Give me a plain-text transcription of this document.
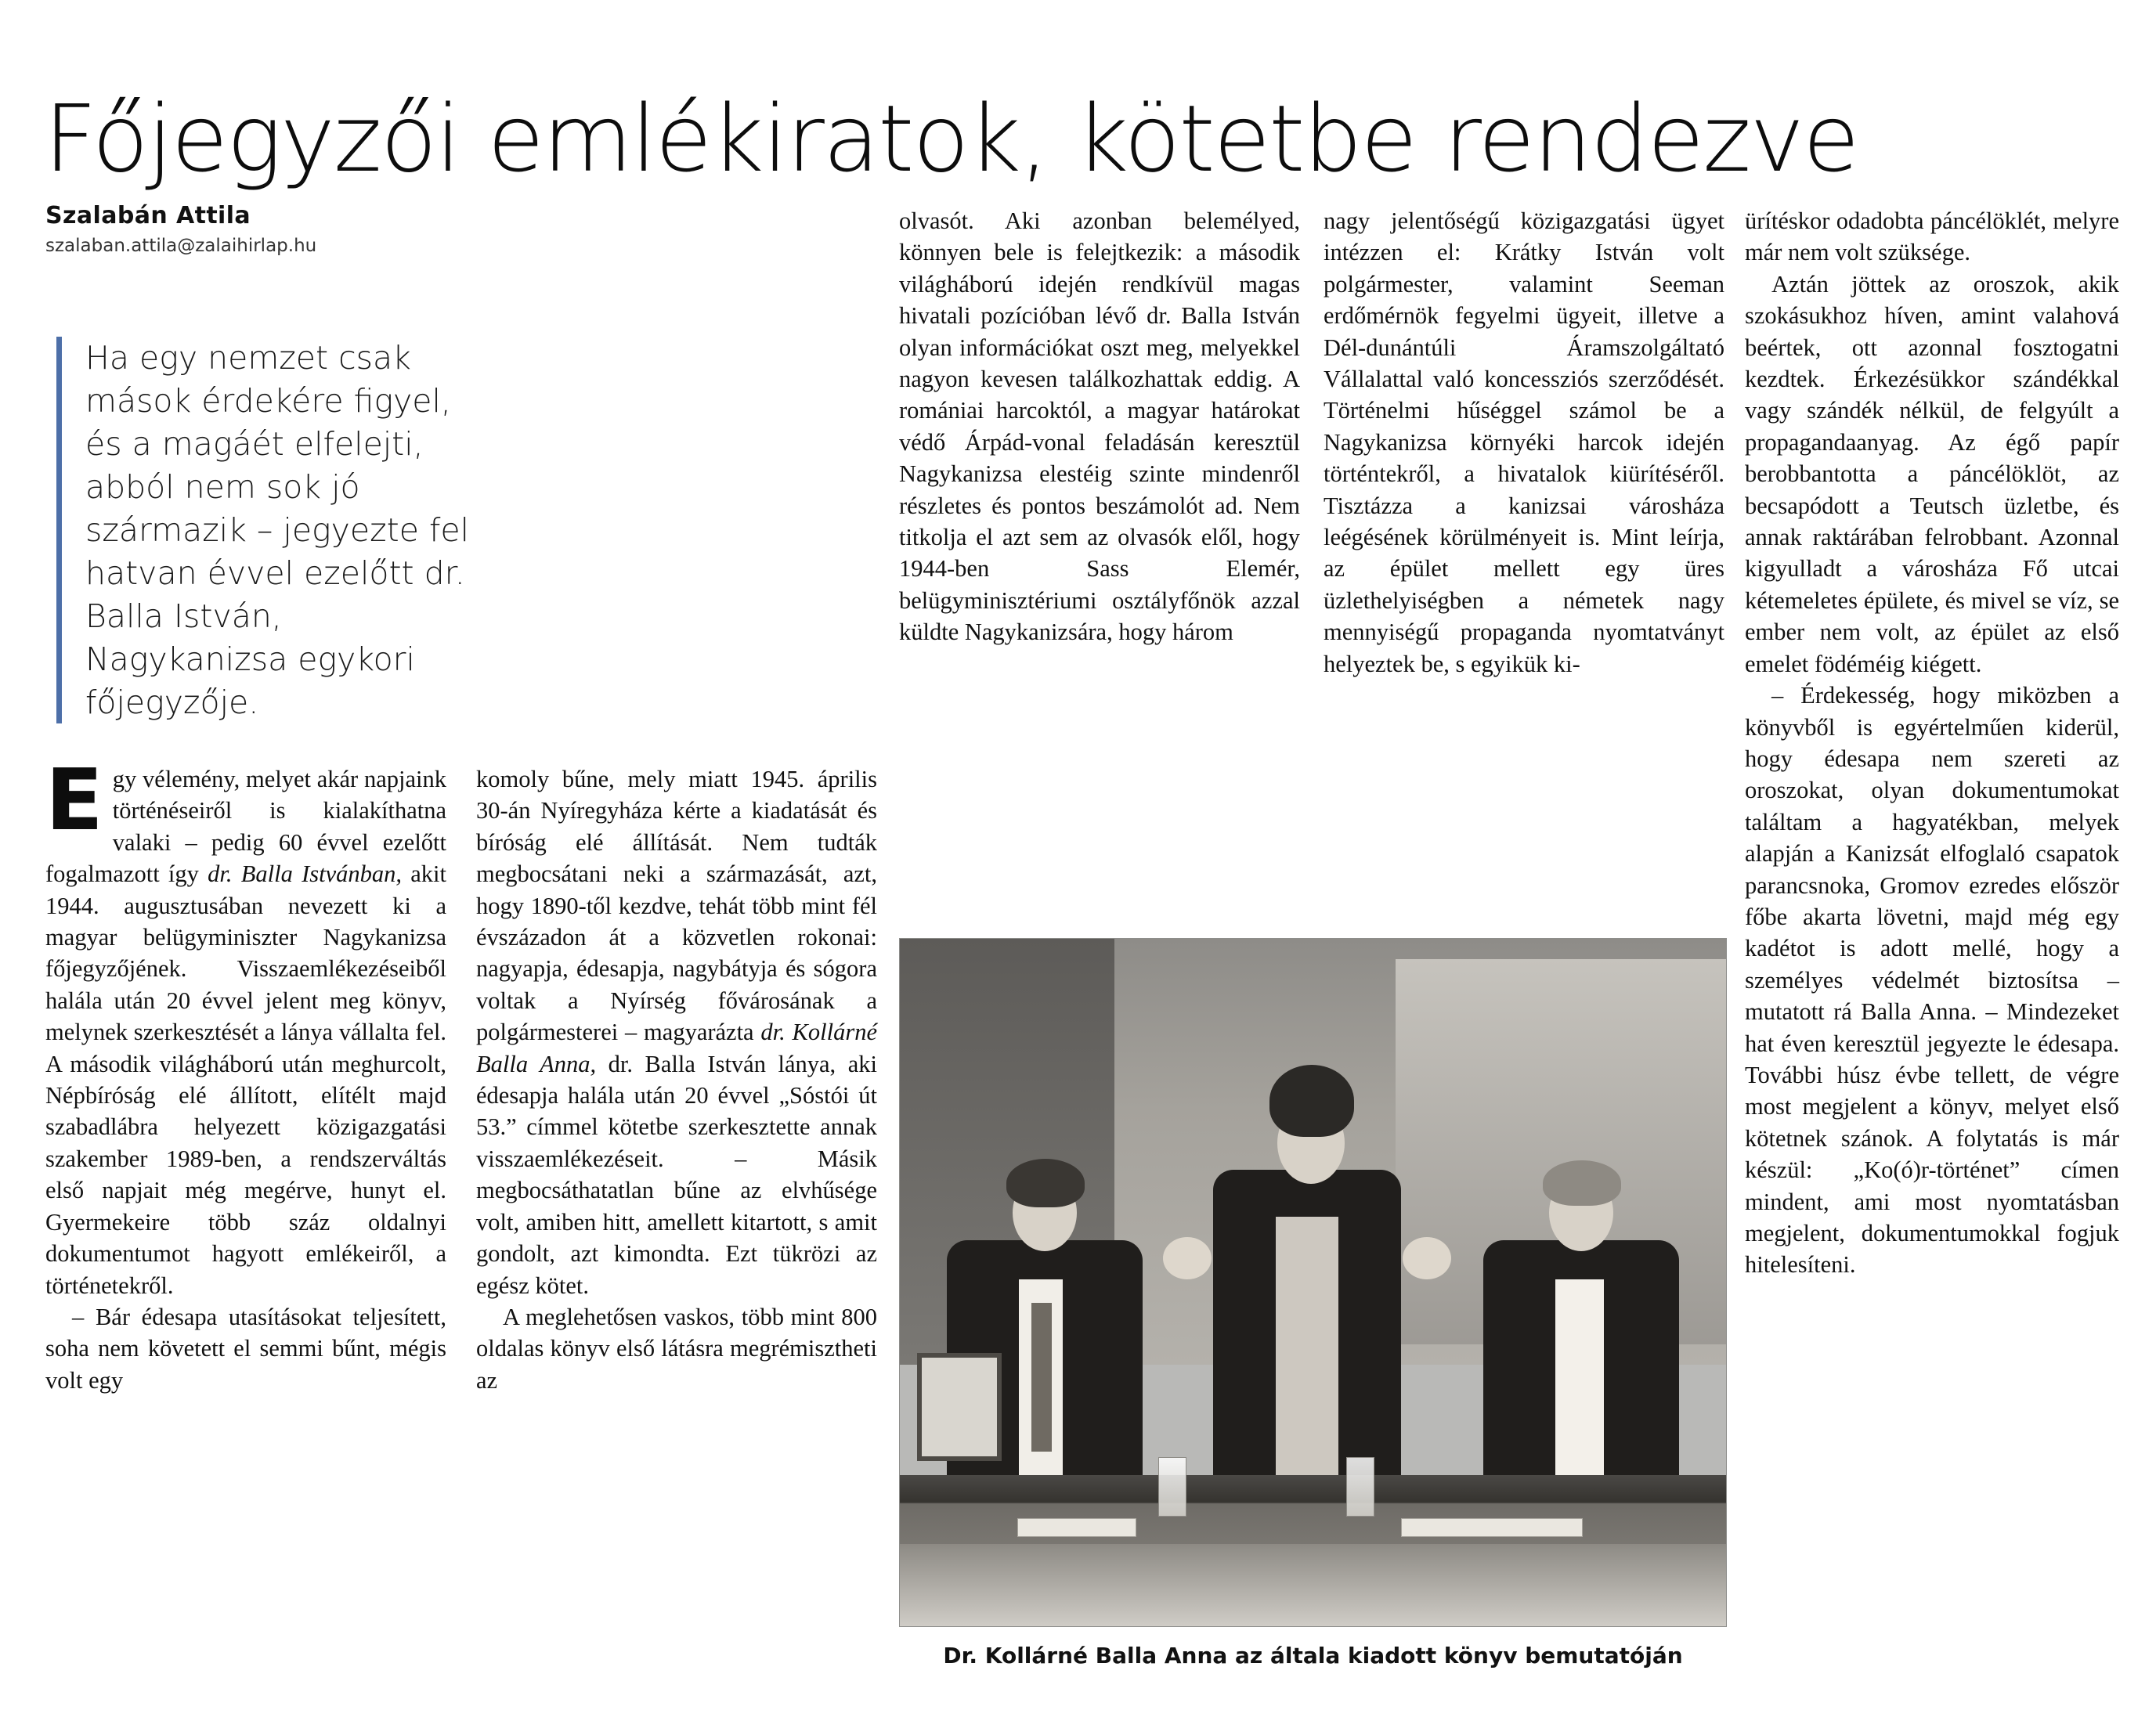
Főjegyzői emlékiratok, kötetbe rendezve
Szalabán Attila
szalaban.attila@zalaihirlap.hu

Ha egy nemzet csak mások érdekére figyel, és a magáét elfelejti, abból nem sok jó származik – jegyezte fel hatvan évvel ezelőtt dr. Balla István, Nagykanizsa egykori főjegyzője.

Egy vélemény, melyet akár napjaink történéseiről is kialakíthatna valaki – pedig 60 évvel ezelőtt fogalmazott így dr. Balla Istvánban, akit 1944. augusztusában nevezett ki a magyar belügyminiszter Nagykanizsa főjegyzőjének. Visszaemlékezéseiből halála után 20 évvel jelent meg könyv, melynek szerkesztését a lánya vállalta fel. A második világháború után meghurcolt, Népbíróság elé állított, elítélt majd szabadlábra helyezett közigazgatási szakember 1989-ben, a rendszerváltás első napjait még megérve, hunyt el. Gyermekeire több száz oldalnyi dokumentumot hagyott emlékeiről, a történetekről.

– Bár édesapa utasításokat teljesített, soha nem követett el semmi bűnt, mégis volt egy

komoly bűne, mely miatt 1945. április 30-án Nyíregyháza kérte a kiadatását és bíróság elé állítását. Nem tudták megbocsátani neki a származását, azt, hogy 1890-től kezdve, tehát több mint fél évszázadon át a közvetlen rokonai: nagyapja, édesapja, nagybátyja és sógora voltak a Nyírség fővárosának a polgármesterei – magyarázta dr. Kollárné Balla Anna, dr. Balla István lánya, aki édesapja halála után 20 évvel „Sóstói út 53.” címmel kötetbe szerkesztette annak visszaemlékezéseit. – Másik megbocsáthatatlan bűne az elvhűsége volt, amiben hitt, amellett kitartott, s amit gondolt, azt kimondta. Ezt tükrözi az egész kötet.

A meglehetősen vaskos, több mint 800 oldalas könyv első látásra megrémisztheti az

olvasót. Aki azonban belemélyed, könnyen bele is felejtkezik: a második világháború idején rendkívül magas hivatali pozícióban lévő dr. Balla István olyan információkat oszt meg, melyekkel nagyon kevesen találkozhattak eddig. A romániai harcoktól, a magyar határokat védő Árpád-vonal feladásán keresztül Nagykanizsa elestéig szinte mindenről részletes és pontos beszámolót ad. Nem titkolja el azt sem az olvasók elől, hogy 1944-ben Sass Elemér, belügyminisztériumi osztályfőnök azzal küldte Nagykanizsára, hogy három

nagy jelentőségű közigazgatási ügyet intézzen el: Krátky István volt polgármester, valamint Seeman erdőmérnök fegyelmi ügyeit, illetve a Dél-dunántúli Áramszolgáltató Vállalattal való koncessziós szerződését. Történelmi hűséggel számol be a Nagykanizsa környéki harcok idején történtekről, a hivatalok kiürítéséről. Tisztázza a kanizsai városháza leégésének körülményeit is. Mint leírja, az épület mellett egy üres üzlethelyiségben a németek nagy mennyiségű propaganda nyomtatványt helyeztek be, s egyikük ki-

ürítéskor odadobta páncélöklét, melyre már nem volt szüksége.

Aztán jöttek az oroszok, akik szokásukhoz híven, amint valahová beértek, ott azonnal fosztogatni kezdtek. Érkezésükkor szándékkal vagy szándék nélkül, de felgyúlt a propagandaanyag. Az égő papír berobbantotta a páncélöklöt, az becsapódott a Teutsch üzletbe, és annak raktárában felrobbant. Azonnal kigyulladt a városháza Fő utcai kétemeletes épülete, és mivel se víz, se ember nem volt, az épület az első emelet födéméig kiégett.

– Érdekesség, hogy miközben a könyvből is egyértelműen kiderül, hogy édesapa nem szereti az oroszokat, olyan dokumentumokat találtam a hagyatékban, melyek alapján a Kanizsát elfoglaló csapatok parancsnoka, Gromov ezredes először főbe akarta lövetni, majd még egy kadétot is adott mellé, hogy a személyes védelmét biztosítsa – mutatott rá Balla Anna. – Mindezeket hat éven keresztül jegyezte le édesapa. További húsz évbe tellett, de végre most megjelent a könyv, melyet első kötetnek szánok. A folytatás is már készül: „Ko(ó)r-történet” címen mindent, ami most nyomtatásban megjelent, dokumentumokkal fogjuk hitelesíteni.

Dr. Kollárné Balla Anna az általa kiadott könyv bemutatóján
